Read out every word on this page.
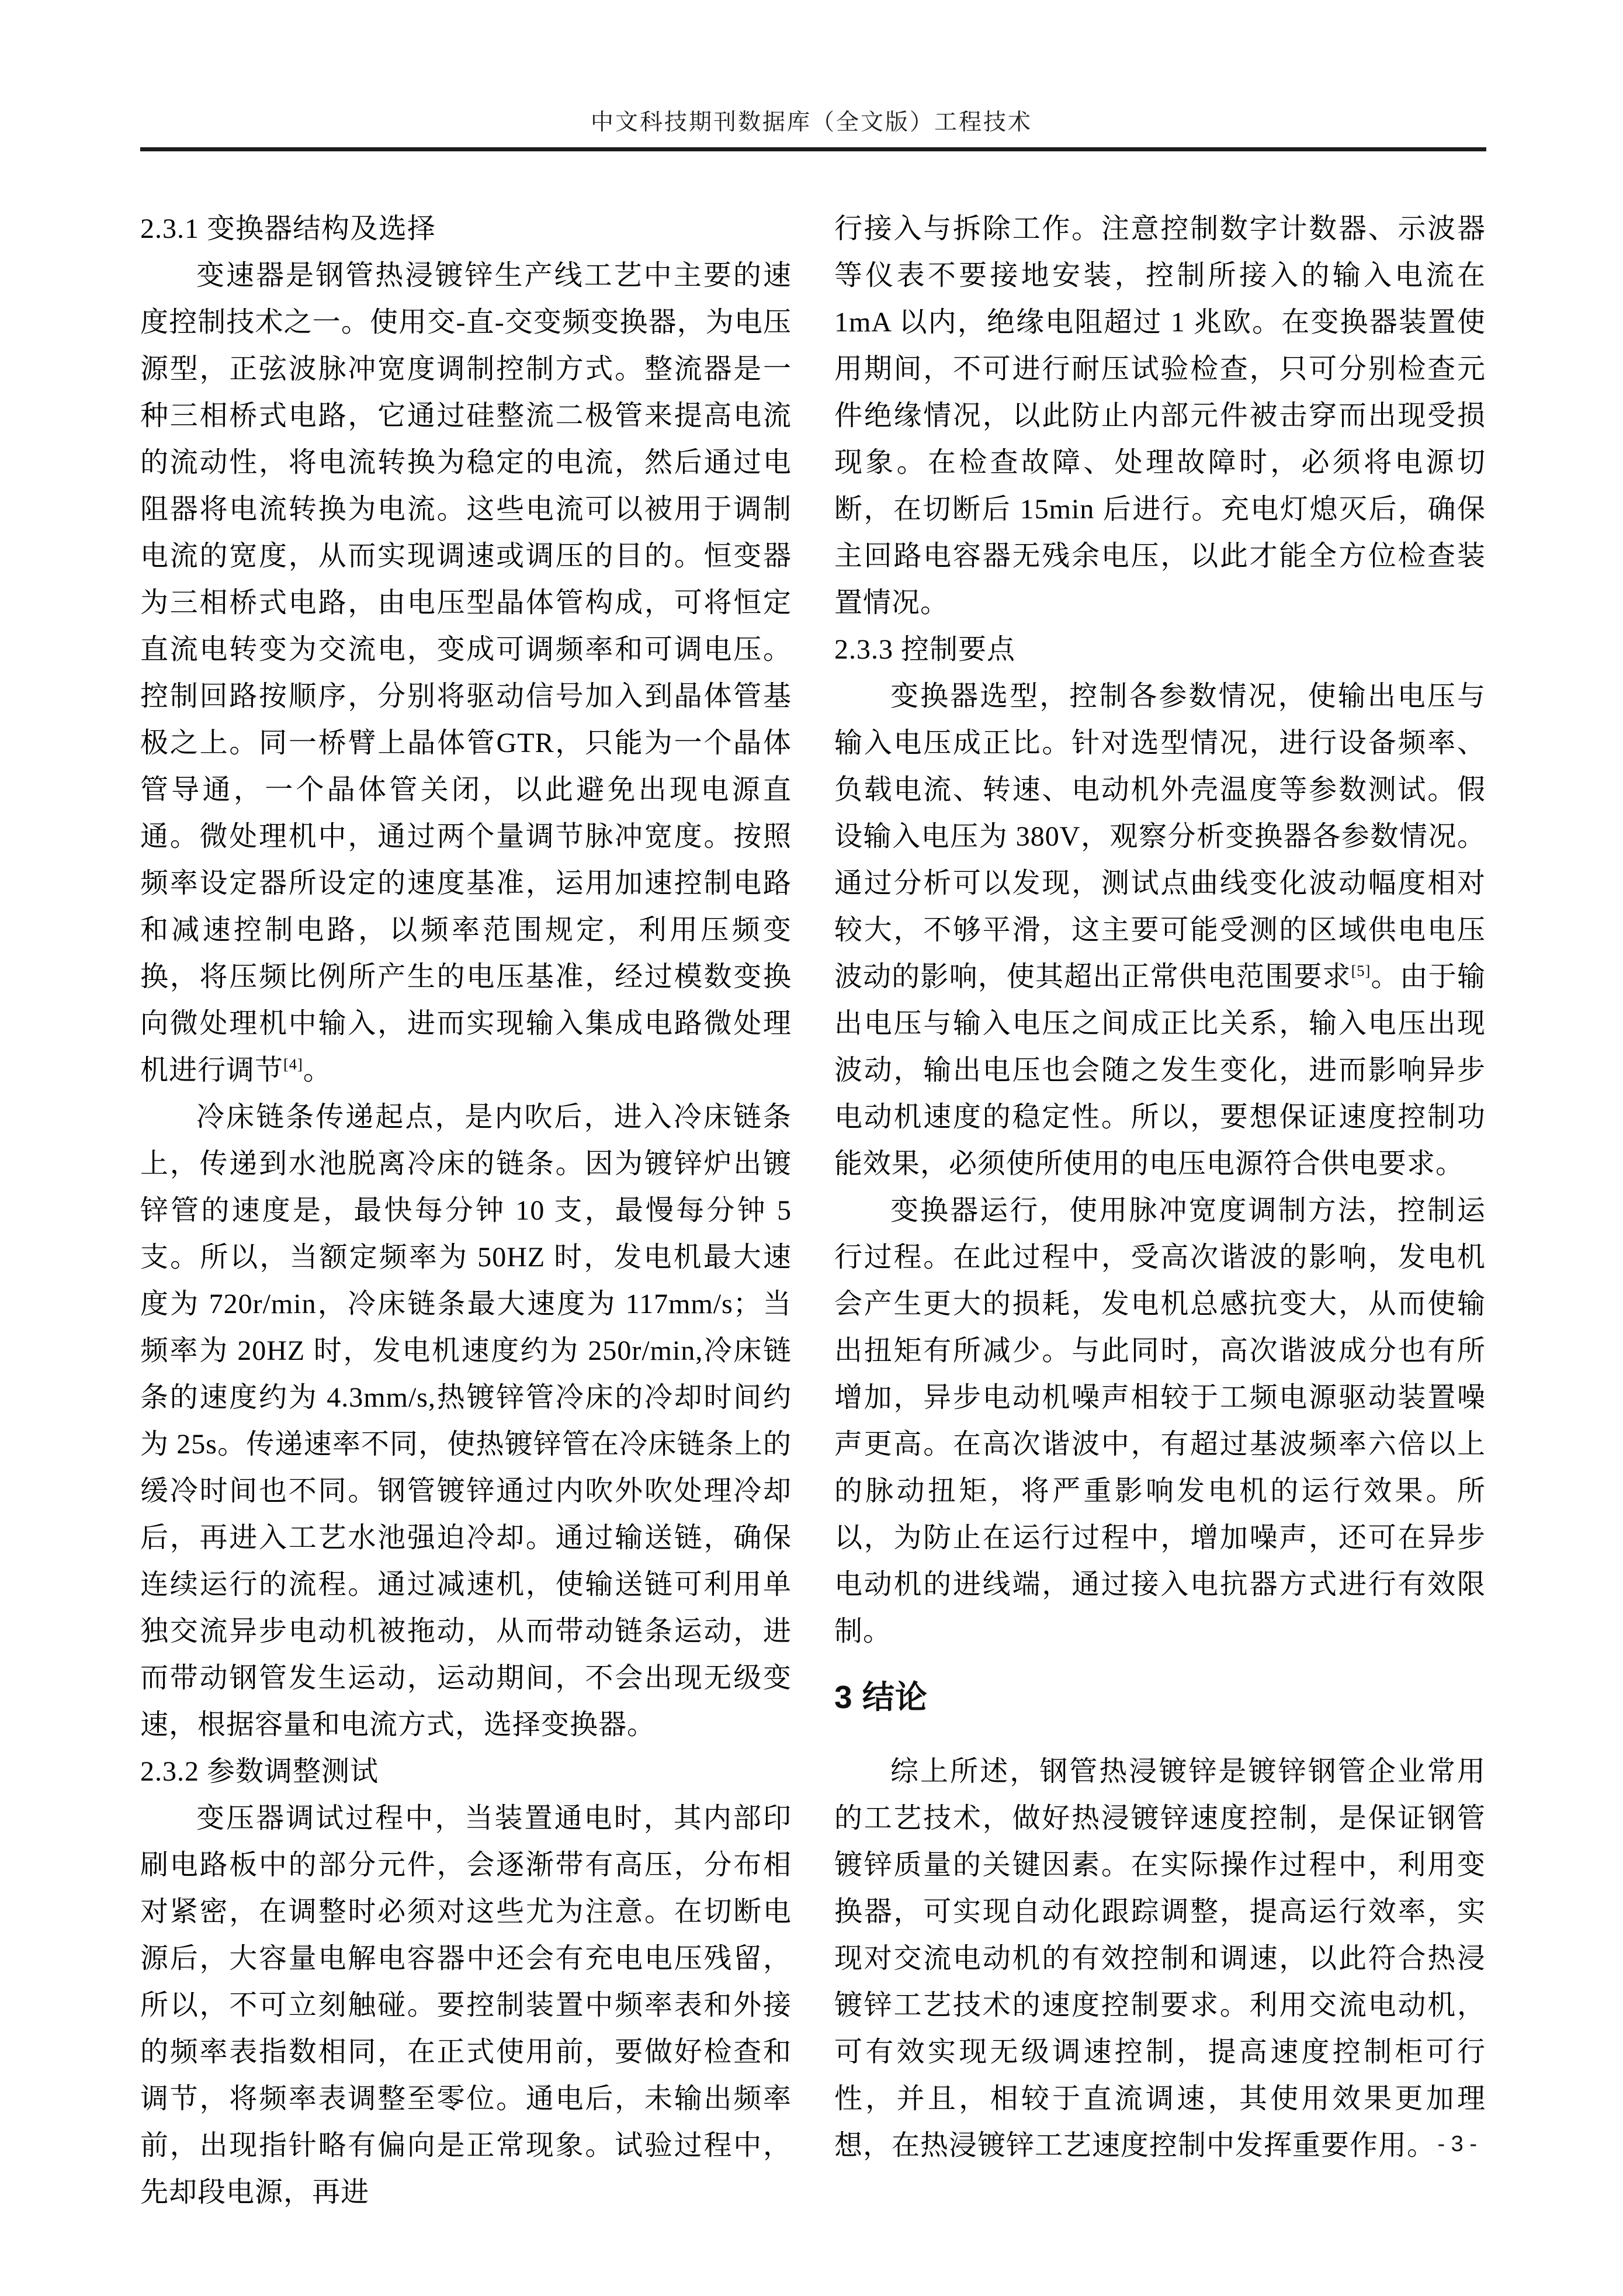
中文科技期刊数据库（全文版）工程技术
2.3.1 变换器结构及选择

变速器是钢管热浸镀锌生产线工艺中主要的速度控制技术之一。使用交-直-交变频变换器，为电压源型，正弦波脉冲宽度调制控制方式。整流器是一种三相桥式电路，它通过硅整流二极管来提高电流的流动性，将电流转换为稳定的电流，然后通过电阻器将电流转换为电流。这些电流可以被用于调制电流的宽度，从而实现调速或调压的目的。恒变器为三相桥式电路，由电压型晶体管构成，可将恒定直流电转变为交流电，变成可调频率和可调电压。控制回路按顺序，分别将驱动信号加入到晶体管基极之上。同一桥臂上晶体管GTR，只能为一个晶体管导通，一个晶体管关闭，以此避免出现电源直通。微处理机中，通过两个量调节脉冲宽度。按照频率设定器所设定的速度基准，运用加速控制电路和减速控制电路，以频率范围规定，利用压频变换，将压频比例所产生的电压基准，经过模数变换向微处理机中输入，进而实现输入集成电路微处理机进行调节[4]。

冷床链条传递起点，是内吹后，进入冷床链条上，传递到水池脱离冷床的链条。因为镀锌炉出镀锌管的速度是，最快每分钟 10 支，最慢每分钟 5 支。所以，当额定频率为 50HZ 时，发电机最大速度为 720r/min，冷床链条最大速度为 117mm/s；当频率为 20HZ 时，发电机速度约为 250r/min,冷床链条的速度约为 4.3mm/s,热镀锌管冷床的冷却时间约为 25s。传递速率不同，使热镀锌管在冷床链条上的缓冷时间也不同。钢管镀锌通过内吹外吹处理冷却后，再进入工艺水池强迫冷却。通过输送链，确保连续运行的流程。通过减速机，使输送链可利用单独交流异步电动机被拖动，从而带动链条运动，进而带动钢管发生运动，运动期间，不会出现无级变速，根据容量和电流方式，选择变换器。

2.3.2 参数调整测试

变压器调试过程中，当装置通电时，其内部印刷电路板中的部分元件，会逐渐带有高压，分布相对紧密，在调整时必须对这些尤为注意。在切断电源后，大容量电解电容器中还会有充电电压残留，所以，不可立刻触碰。要控制装置中频率表和外接的频率表指数相同，在正式使用前，要做好检查和调节，将频率表调整至零位。通电后，未输出频率前，出现指针略有偏向是正常现象。试验过程中，先却段电源，再进

行接入与拆除工作。注意控制数字计数器、示波器等仪表不要接地安装，控制所接入的输入电流在 1mA 以内，绝缘电阻超过 1 兆欧。在变换器装置使用期间，不可进行耐压试验检查，只可分别检查元件绝缘情况，以此防止内部元件被击穿而出现受损现象。在检查故障、处理故障时，必须将电源切断，在切断后 15min 后进行。充电灯熄灭后，确保主回路电容器无残余电压，以此才能全方位检查装置情况。

2.3.3 控制要点

变换器选型，控制各参数情况，使输出电压与输入电压成正比。针对选型情况，进行设备频率、负载电流、转速、电动机外壳温度等参数测试。假设输入电压为 380V，观察分析变换器各参数情况。通过分析可以发现，测试点曲线变化波动幅度相对较大，不够平滑，这主要可能受测的区域供电电压波动的影响，使其超出正常供电范围要求[5]。由于输出电压与输入电压之间成正比关系，输入电压出现波动，输出电压也会随之发生变化，进而影响异步电动机速度的稳定性。所以，要想保证速度控制功能效果，必须使所使用的电压电源符合供电要求。

变换器运行，使用脉冲宽度调制方法，控制运行过程。在此过程中，受高次谐波的影响，发电机会产生更大的损耗，发电机总感抗变大，从而使输出扭矩有所减少。与此同时，高次谐波成分也有所增加，异步电动机噪声相较于工频电源驱动装置噪声更高。在高次谐波中，有超过基波频率六倍以上的脉动扭矩，将严重影响发电机的运行效果。所以，为防止在运行过程中，增加噪声，还可在异步电动机的进线端，通过接入电抗器方式进行有效限制。

3 结论

综上所述，钢管热浸镀锌是镀锌钢管企业常用的工艺技术，做好热浸镀锌速度控制，是保证钢管镀锌质量的关键因素。在实际操作过程中，利用变换器，可实现自动化跟踪调整，提高运行效率，实现对交流电动机的有效控制和调速，以此符合热浸镀锌工艺技术的速度控制要求。利用交流电动机，可有效实现无级调速控制，提高速度控制柜可行性，并且，相较于直流调速，其使用效果更加理想，在热浸镀锌工艺速度控制中发挥重要作用。 - 3 -
